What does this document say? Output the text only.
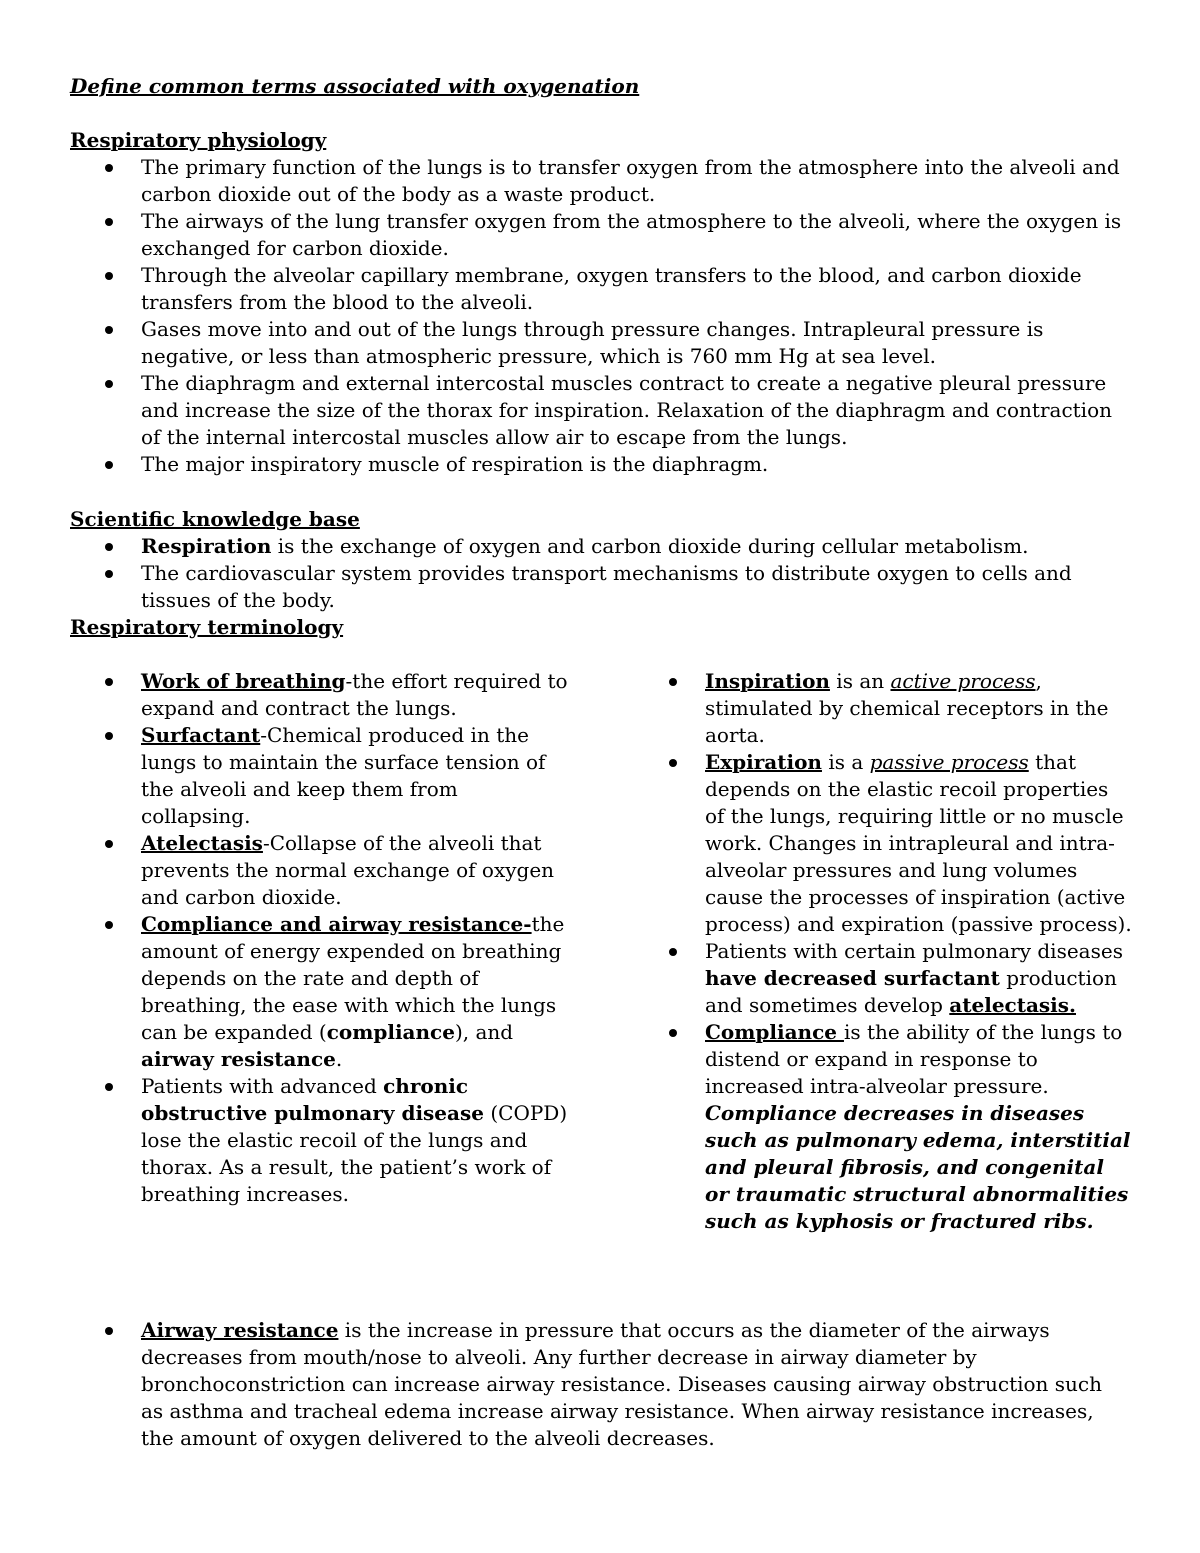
Define common terms associated with oxygenation

Respiratory physiology

The primary function of the lungs is to transfer oxygen from the atmosphere into the alveoli and carbon dioxide out of the body as a waste product.
The airways of the lung transfer oxygen from the atmosphere to the alveoli, where the oxygen is exchanged for carbon dioxide.
Through the alveolar capillary membrane, oxygen transfers to the blood, and carbon dioxide transfers from the blood to the alveoli.
Gases move into and out of the lungs through pressure changes. Intrapleural pressure is negative, or less than atmospheric pressure, which is 760 mm Hg at sea level.
The diaphragm and external intercostal muscles contract to create a negative pleural pressure and increase the size of the thorax for inspiration. Relaxation of the diaphragm and contraction of the internal intercostal muscles allow air to escape from the lungs.
The major inspiratory muscle of respiration is the diaphragm.

Scientific knowledge base

Respiration is the exchange of oxygen and carbon dioxide during cellular metabolism.
The cardiovascular system provides transport mechanisms to distribute oxygen to cells and tissues of the body.

Respiratory terminology

Work of breathing-the effort required to expand and contract the lungs.
Surfactant-Chemical produced in the lungs to maintain the surface tension of the alveoli and keep them from collapsing.
Atelectasis-Collapse of the alveoli that prevents the normal exchange of oxygen and carbon dioxide.
Compliance and airway resistance-the amount of energy expended on breathing depends on the rate and depth of breathing, the ease with which the lungs can be expanded (compliance), and airway resistance.
Patients with advanced chronic obstructive pulmonary disease (COPD) lose the elastic recoil of the lungs and thorax. As a result, the patient’s work of breathing increases.
Inspiration is an active process, stimulated by chemical receptors in the aorta.
Expiration is a passive process that depends on the elastic recoil properties of the lungs, requiring little or no muscle work. Changes in intrapleural and intra-alveolar pressures and lung volumes cause the processes of inspiration (active process) and expiration (passive process).
Patients with certain pulmonary diseases have decreased surfactant production and sometimes develop atelectasis.
Compliance is the ability of the lungs to distend or expand in response to increased intra-alveolar pressure. Compliance decreases in diseases such as pulmonary edema, interstitial and pleural fibrosis, and congenital or traumatic structural abnormalities such as kyphosis or fractured ribs.
Airway resistance is the increase in pressure that occurs as the diameter of the airways decreases from mouth/nose to alveoli. Any further decrease in airway diameter by bronchoconstriction can increase airway resistance. Diseases causing airway obstruction such as asthma and tracheal edema increase airway resistance. When airway resistance increases, the amount of oxygen delivered to the alveoli decreases.
